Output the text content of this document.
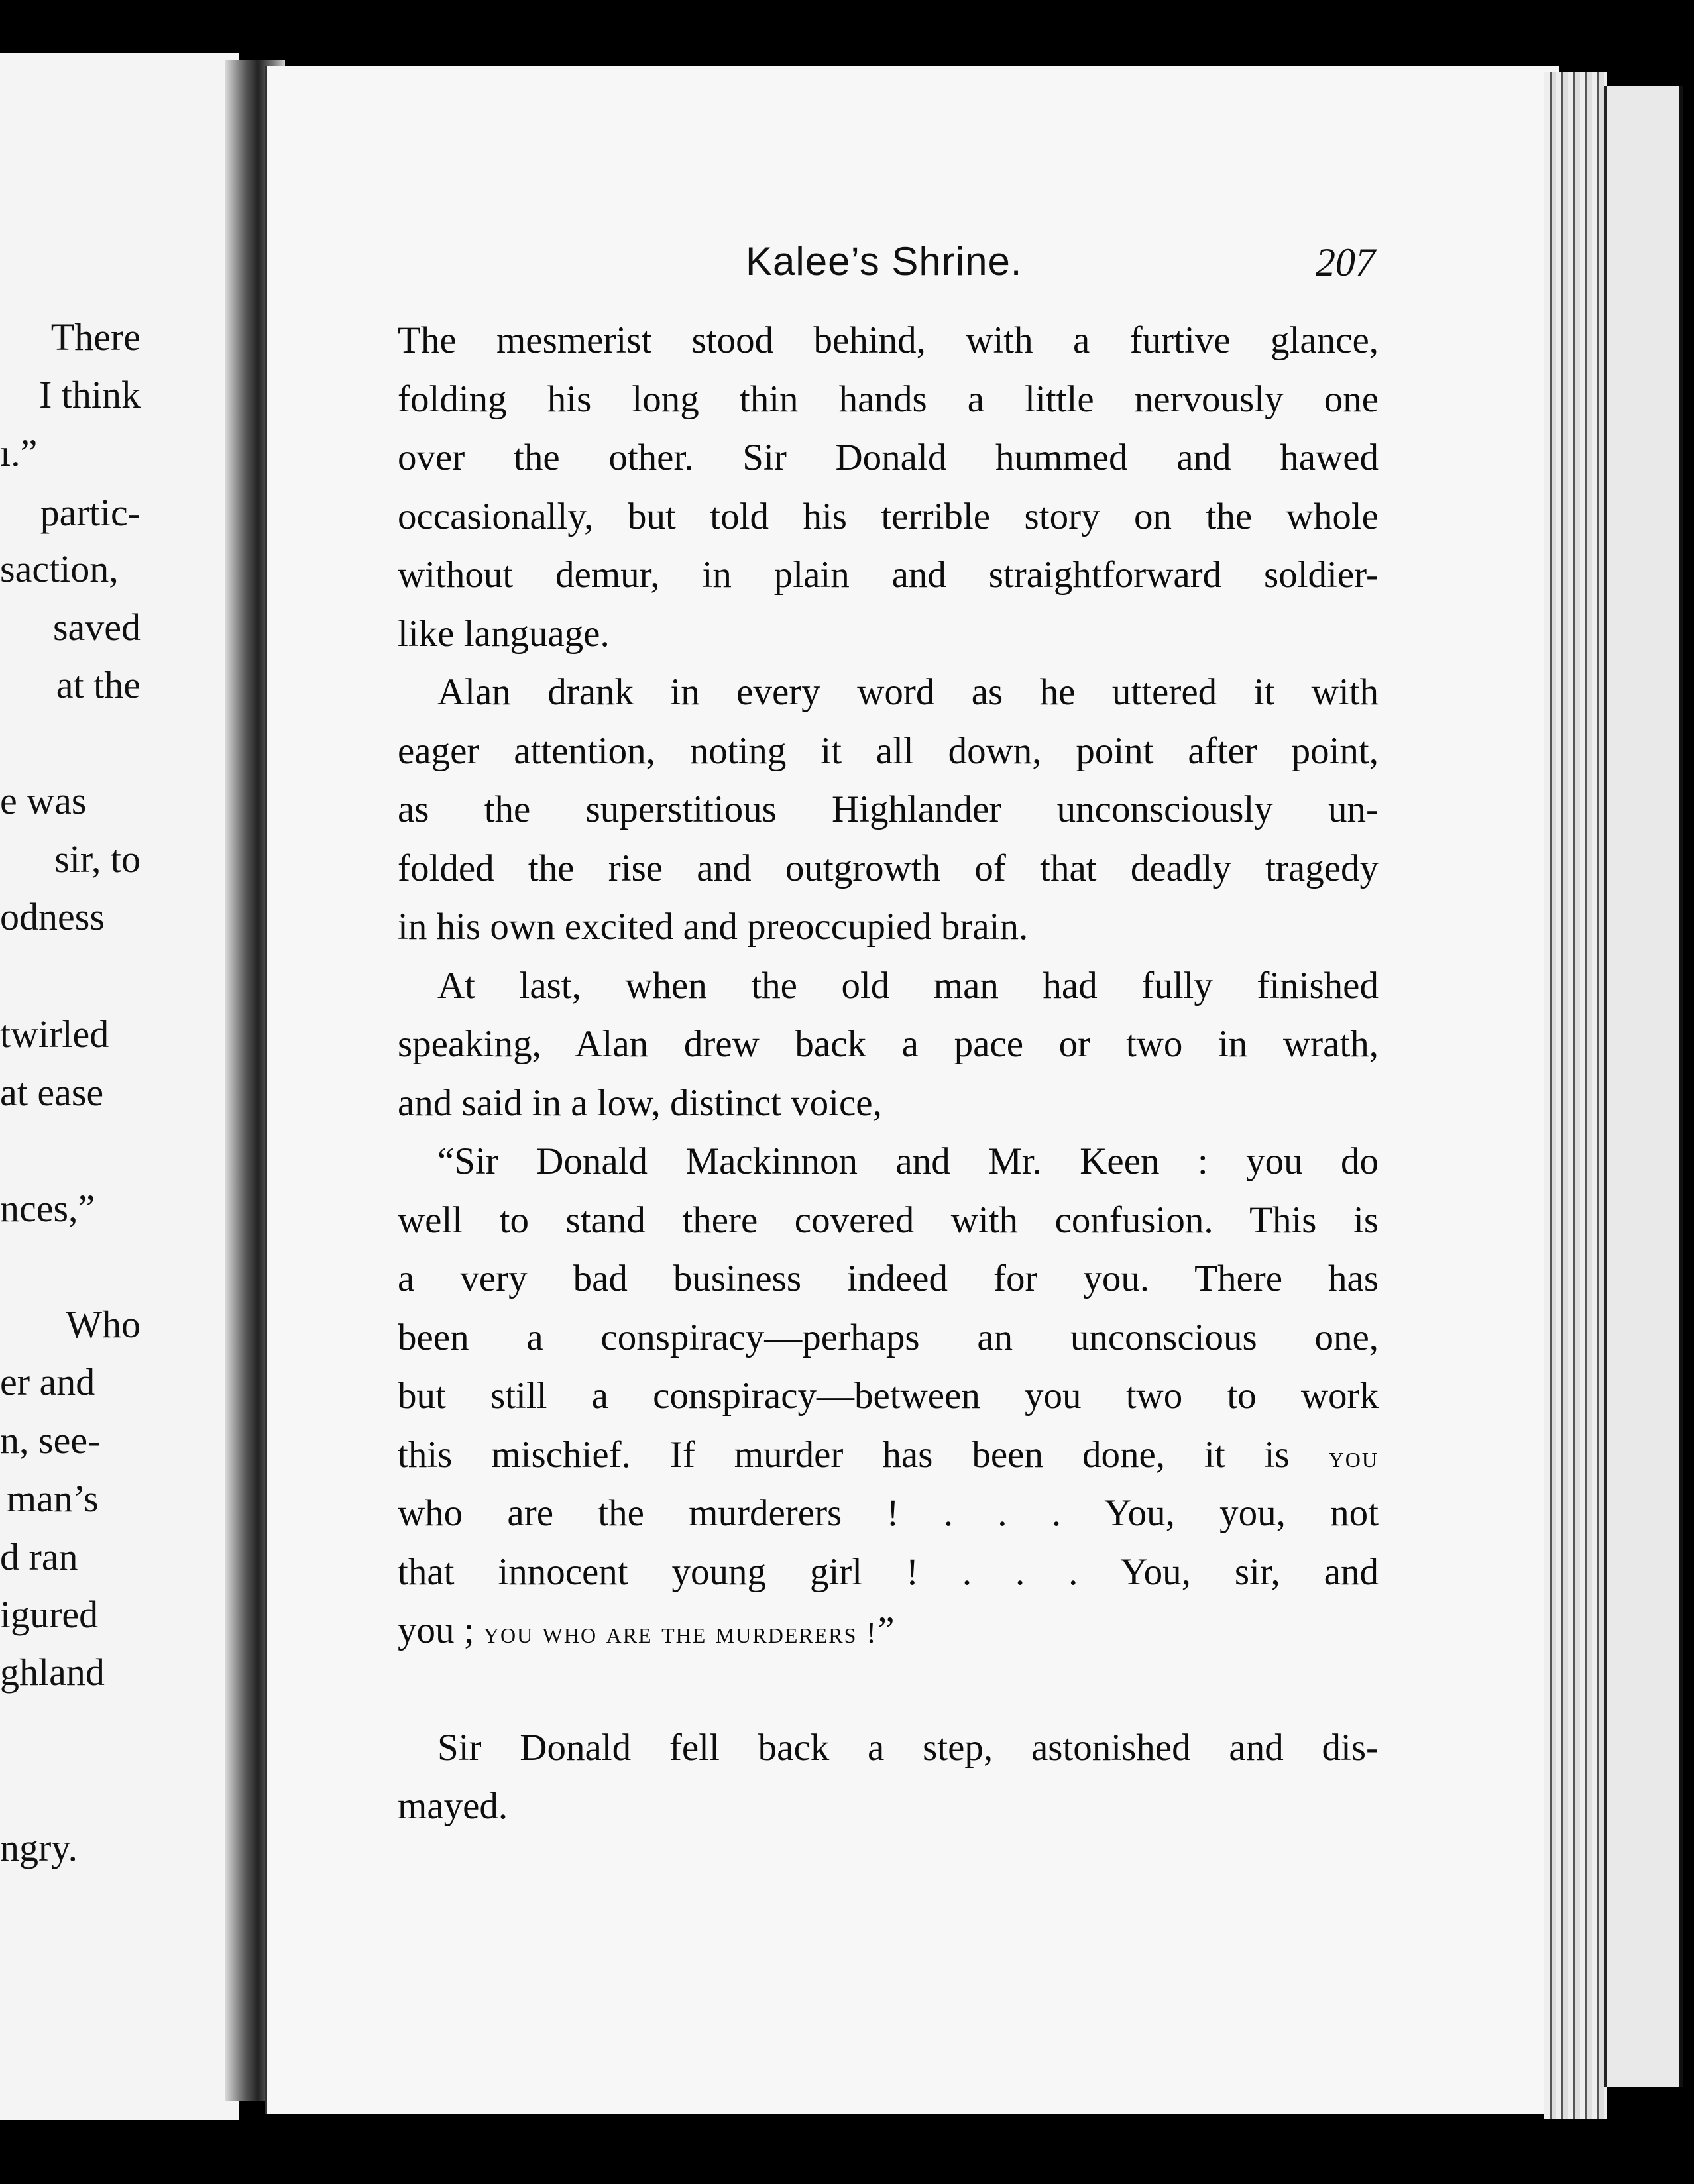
There
I think
ı.”
partic-
saction,
saved
at the
e was
sir, to
odness
twirled
at ease
nces,”
Who
er and
n, see-
man’s
d ran
igured
ghland
ngry.
Kalee’s Shrine.	207
The mesmerist stood behind, with a furtive glance,
folding his long thin hands a little nervously one
over the other. Sir Donald hummed and hawed
occasionally, but told his terrible story on the whole
without demur, in plain and straightforward soldier-
like language.
Alan drank in every word as he uttered it with
eager attention, noting it all down, point after point,
as the superstitious Highlander unconsciously un-
folded the rise and outgrowth of that deadly tragedy
in his own excited and preoccupied brain.
At last, when the old man had fully finished
speaking, Alan drew back a pace or two in wrath,
and said in a low, distinct voice,
“Sir Donald Mackinnon and Mr. Keen : you do
well to stand there covered with confusion. This is
a very bad business indeed for you. There has
been a conspiracy—perhaps an unconscious one,
but still a conspiracy—between you two to work
this mischief. If murder has been done, it is you
who are the murderers ! . . . You, you, not
that innocent young girl ! . . . You, sir, and
you ; you who are the murderers !”
Sir Donald fell back a step, astonished and dis-
mayed.
